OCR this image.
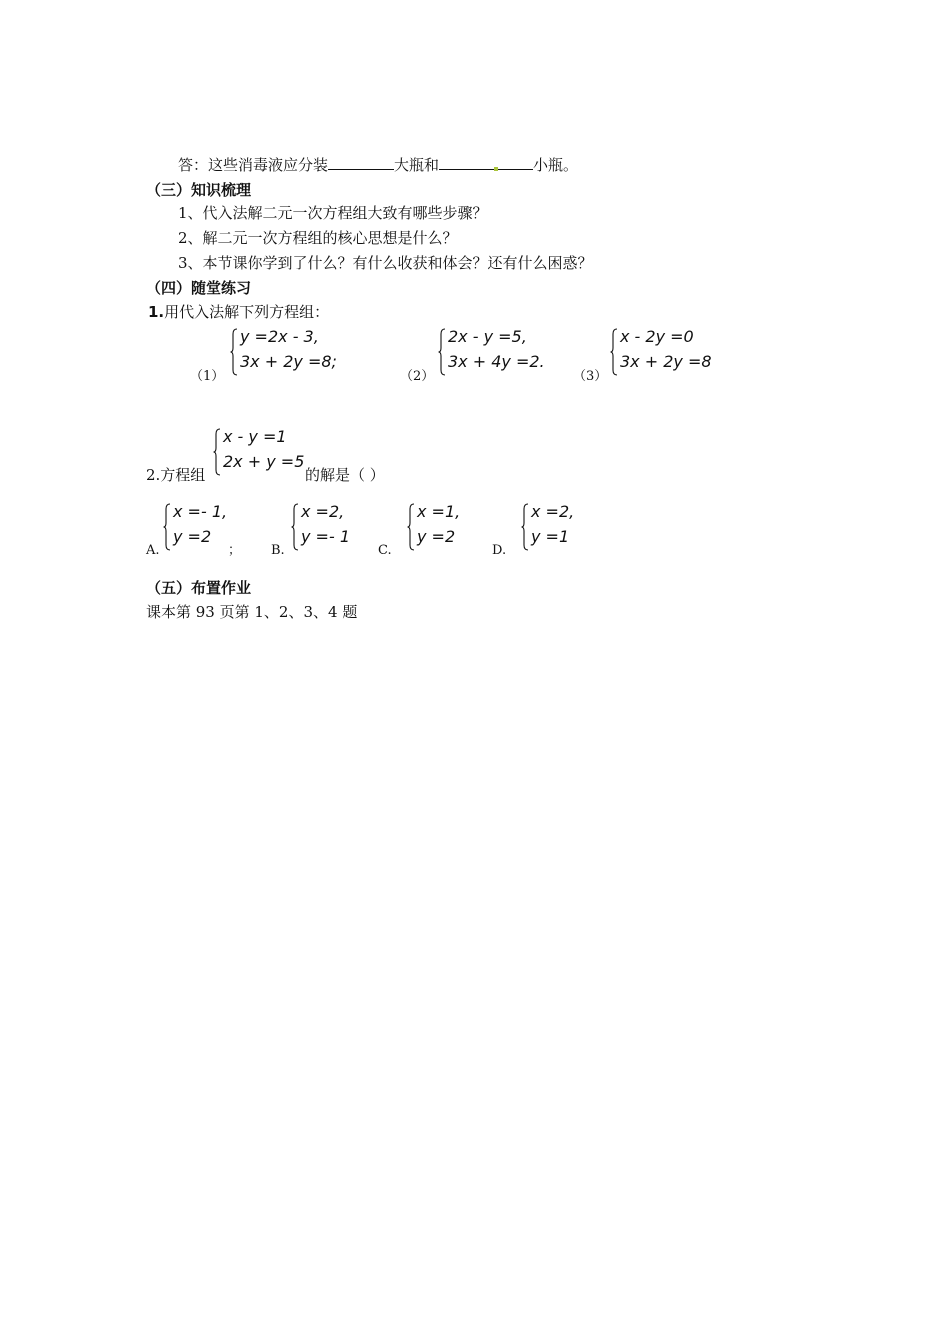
答：这些消毒液应分装	大瓶和	小瓶。
（三）知识梳理
1、代入法解二元一次方程组大致有哪些步骤？
2、解二元一次方程组的核心思想是什么？
3、本节课你学到了什么？有什么收获和体会？还有什么困惑？
（四）随堂练习
1.用代入法解下列方程组：
（1）
y =2x - 3,
3x + 2y =8;
（2）
2x - y =5,
3x + 4y =2.
（3）
x - 2y =0
3x + 2y =8
2.方程组
x - y =1
2x + y =5
的解是（ ）
A.
x =- 1,
y =2
； B.
x =2,
y =- 1
C.
x =1,
y =2
D.
x =2,
y =1
（五）布置作业
课本第 93 页第 1、2、3、4 题
